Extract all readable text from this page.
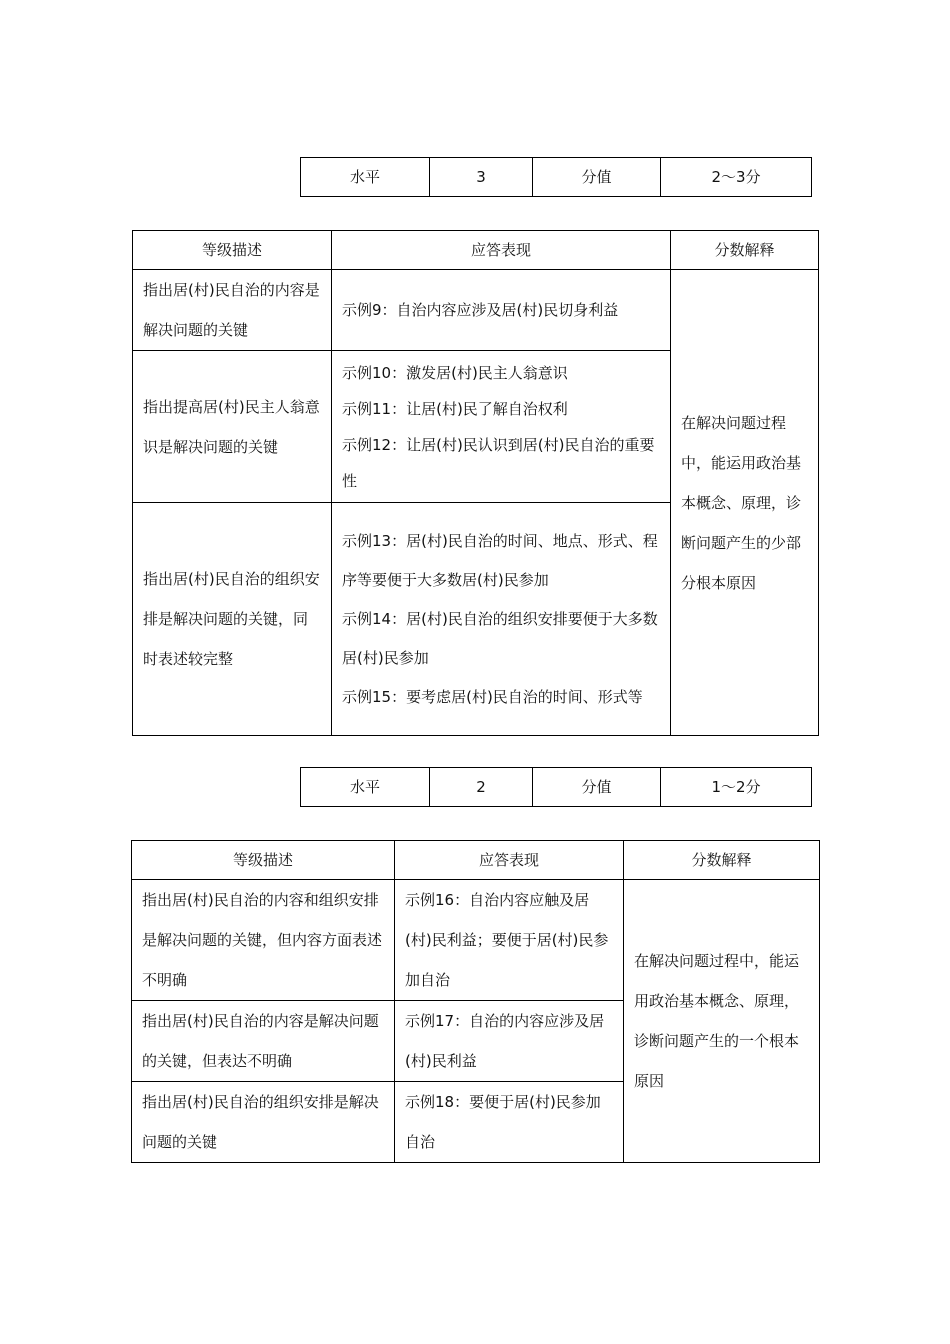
水平	3	分值	2～3分
等级描述	应答表现	分数解释
指出居(村)民自治的内容是解决问题的关键	示例9：自治内容应涉及居(村)民切身利益	在解决问题过程中，能运用政治基本概念、原理，诊断问题产生的少部分根本原因
指出提高居(村)民主人翁意识是解决问题的关键	示例10：激发居(村)民主人翁意识
示例11：让居(村)民了解自治权利
示例12：让居(村)民认识到居(村)民自治的重要性	

指出居(村)民自治的组织安排是解决问题的关键，同时表述较完整	示例13：居(村)民自治的时间、地点、形式、程序等要便于大多数居(村)民参加
示例14：居(村)民自治的组织安排要便于大多数居(村)民参加
示例15：要考虑居(村)民自治的时间、形式等	
水平	2	分值	1～2分
等级描述	应答表现	分数解释
指出居(村)民自治的内容和组织安排是解决问题的关键，但内容方面表述不明确	示例16：自治内容应触及居(村)民利益；要便于居(村)民参加自治	在解决问题过程中，能运用政治基本概念、原理，诊断问题产生的一个根本原因
指出居(村)民自治的内容是解决问题的关键，但表达不明确	示例17：自治的内容应涉及居(村)民利益	

指出居(村)民自治的组织安排是解决问题的关键	示例18：要便于居(村)民参加自治	
